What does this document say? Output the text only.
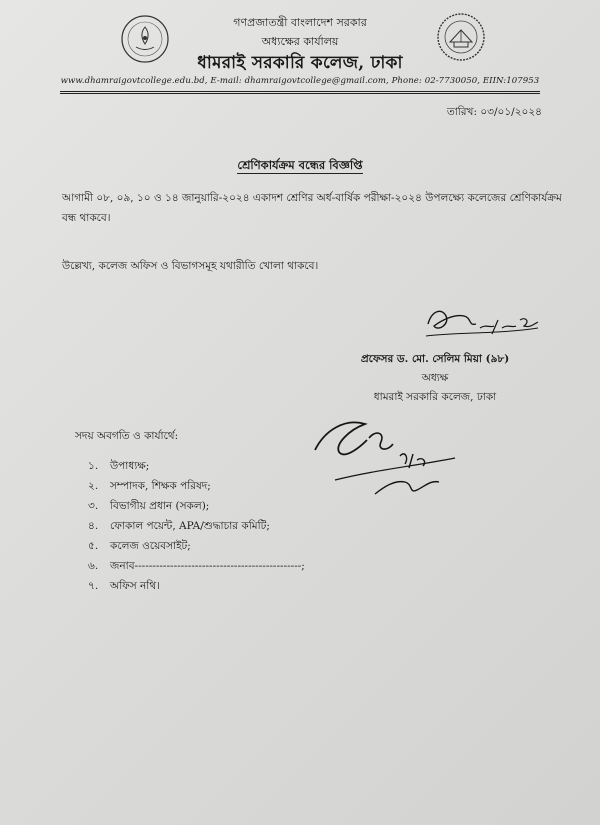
গণপ্রজাতন্ত্রী বাংলাদেশ সরকার
অধ্যক্ষের কার্যালয়
ধামরাই সরকারি কলেজ, ঢাকা
www.dhamraigovtcollege.edu.bd, E-mail: dhamraigovtcollege@gmail.com, Phone: 02-7730050, EIIN:107953
তারিখ: ০৩/০১/২০২৪
শ্রেণিকার্যক্রম বন্ধের বিজ্ঞপ্তি
আগামী ০৮, ০৯, ১০ ও ১৪ জানুয়ারি-২০২৪ একাদশ শ্রেণির অর্ধ-বার্ষিক পরীক্ষা-২০২৪ উপলক্ষ্যে কলেজের শ্রেণিকার্যক্রম বন্ধ থাকবে।
উল্লেখ্য, কলেজ অফিস ও বিভাগসমূহ যথারীতি খোলা থাকবে।
প্রফেসর ড. মো. সেলিম মিয়া (৯৮)
অধ্যক্ষ
ধামরাই সরকারি কলেজ, ঢাকা
সদয় অবগতি ও কার্যার্থে:
১. উপাধ্যক্ষ;
২. সম্পাদক, শিক্ষক পরিষদ;
৩. বিভাগীয় প্রধান (সকল);
৪. ফোকাল পয়েন্ট, APA/শুদ্ধাচার কমিটি;
৫. কলেজ ওয়েবসাইট;
৬. জনাব-----------------------------------------------;
৭. অফিস নথি।
